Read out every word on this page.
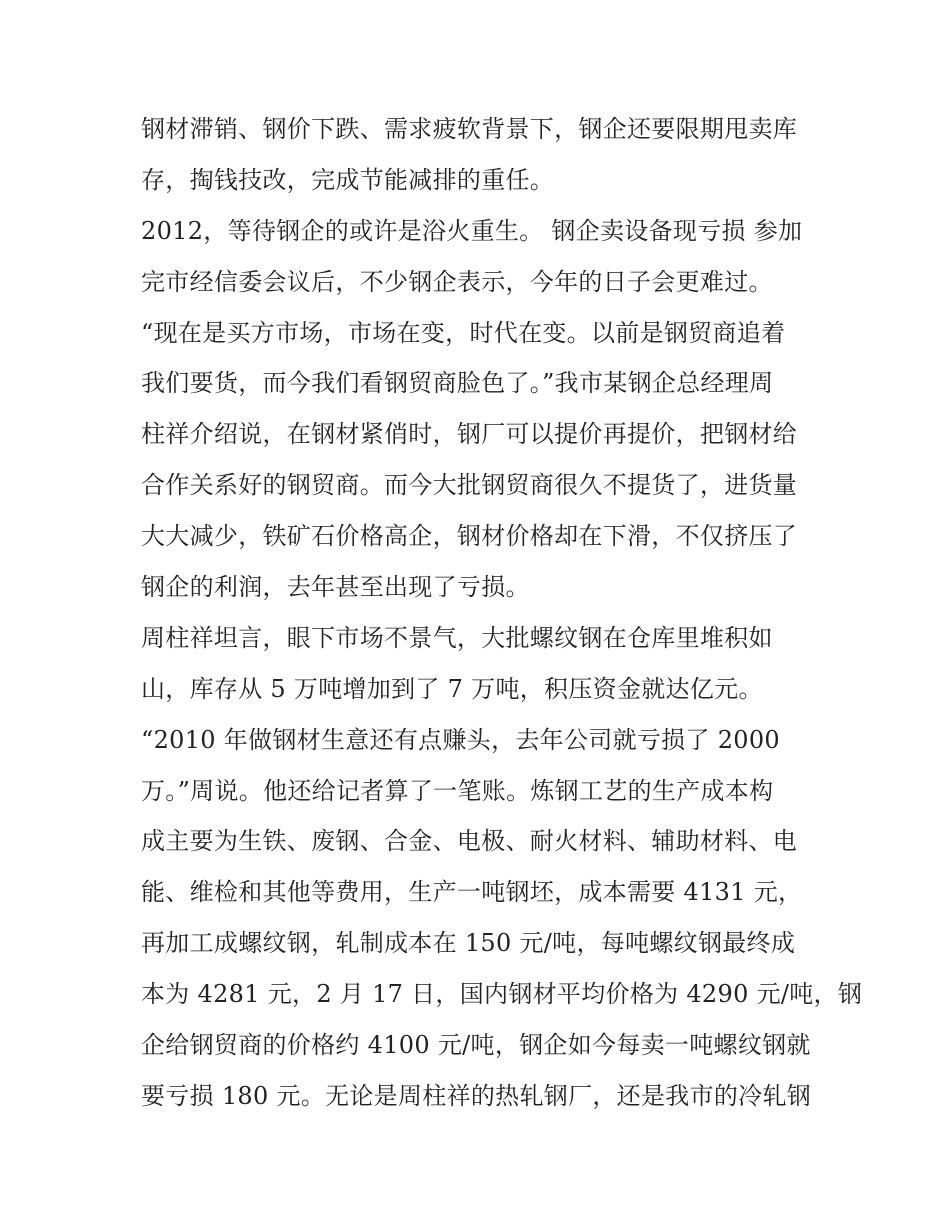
钢材滞销、钢价下跌、需求疲软背景下，钢企还要限期甩卖库
存，掏钱技改，完成节能减排的重任。
2012，等待钢企的或许是浴火重生。 钢企卖设备现亏损 参加
完市经信委会议后，不少钢企表示，今年的日子会更难过。
“现在是买方市场，市场在变，时代在变。以前是钢贸商追着
我们要货，而今我们看钢贸商脸色了。”我市某钢企总经理周
柱祥介绍说，在钢材紧俏时，钢厂可以提价再提价，把钢材给
合作关系好的钢贸商。而今大批钢贸商很久不提货了，进货量
大大减少，铁矿石价格高企，钢材价格却在下滑，不仅挤压了
钢企的利润，去年甚至出现了亏损。
周柱祥坦言，眼下市场不景气，大批螺纹钢在仓库里堆积如
山，库存从 5 万吨增加到了 7 万吨，积压资金就达亿元。
“2010 年做钢材生意还有点赚头，去年公司就亏损了 2000
万。”周说。他还给记者算了一笔账。炼钢工艺的生产成本构
成主要为生铁、废钢、合金、电极、耐火材料、辅助材料、电
能、维检和其他等费用，生产一吨钢坯，成本需要 4131 元，
再加工成螺纹钢，轧制成本在 150 元/吨，每吨螺纹钢最终成
本为 4281 元，2 月 17 日，国内钢材平均价格为 4290 元/吨，钢
企给钢贸商的价格约 4100 元/吨，钢企如今每卖一吨螺纹钢就
要亏损 180 元。无论是周柱祥的热轧钢厂，还是我市的冷轧钢
